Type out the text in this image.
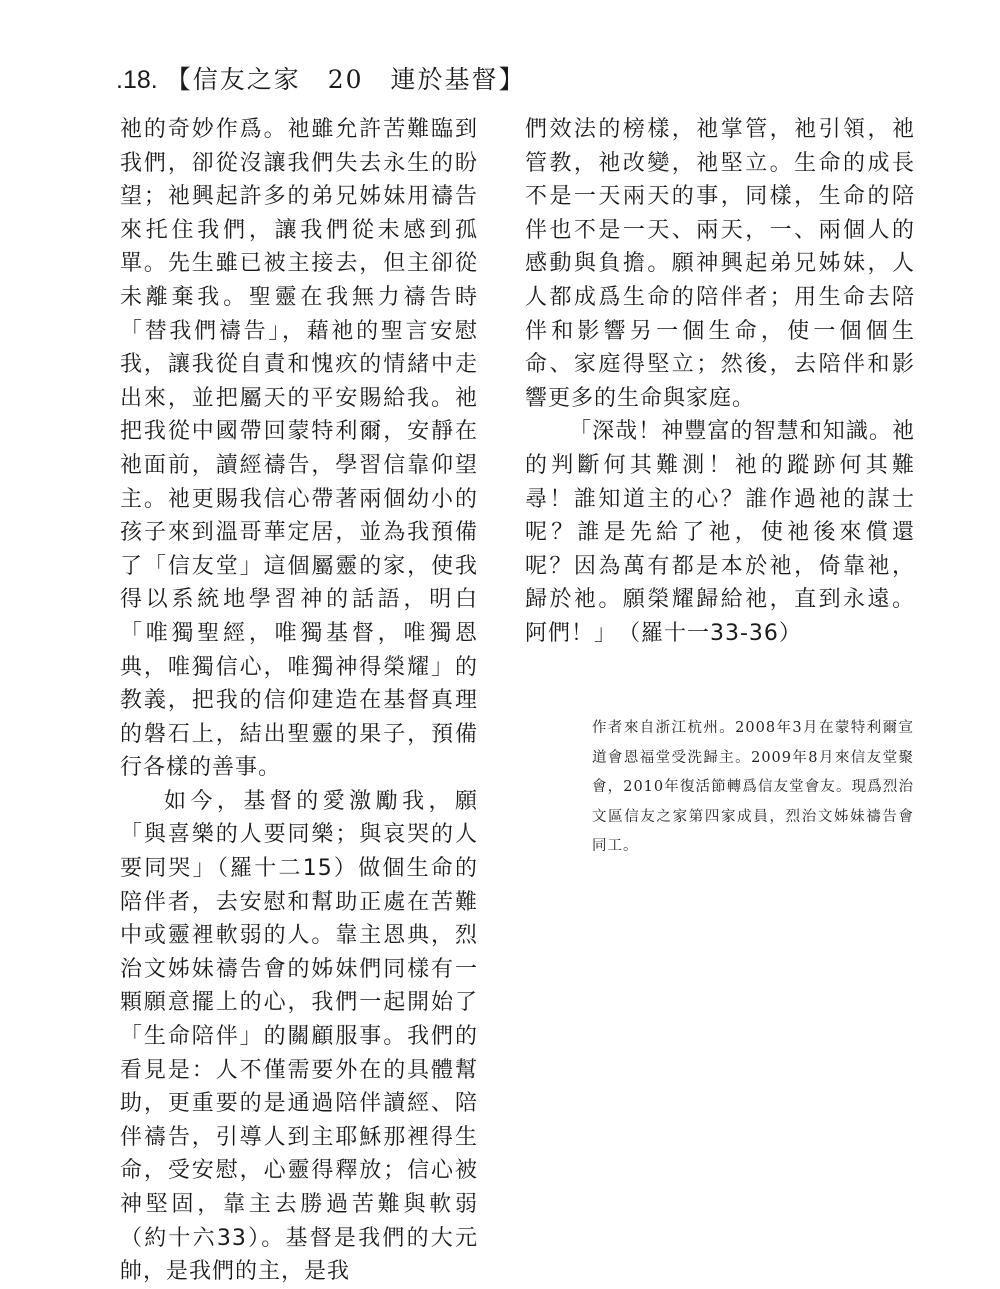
.18. 【信友之家　20　連於基督】

祂的奇妙作爲。祂雖允許苦難臨到我們，卻從沒讓我們失去永生的盼望；祂興起許多的弟兄姊妹用禱告來托住我們，讓我們從未感到孤單。先生雖已被主接去，但主卻從未離棄我。聖靈在我無力禱告時「替我們禱告」，藉祂的聖言安慰我，讓我從自責和愧疚的情緒中走出來，並把屬天的平安賜給我。祂把我從中國帶回蒙特利爾，安靜在祂面前，讀經禱告，學習信靠仰望主。祂更賜我信心帶著兩個幼小的孩子來到溫哥華定居，並為我預備了「信友堂」這個屬靈的家，使我得以系統地學習神的話語，明白「唯獨聖經，唯獨基督，唯獨恩典，唯獨信心，唯獨神得榮耀」的教義，把我的信仰建造在基督真理的磐石上，結出聖靈的果子，預備行各樣的善事。

如今，基督的愛激勵我，願「與喜樂的人要同樂；與哀哭的人要同哭」（羅十二15）做個生命的陪伴者，去安慰和幫助正處在苦難中或靈裡軟弱的人。靠主恩典，烈治文姊妹禱告會的姊妹們同樣有一顆願意擺上的心，我們一起開始了「生命陪伴」的關顧服事。我們的看見是：人不僅需要外在的具體幫助，更重要的是通過陪伴讀經、陪伴禱告，引導人到主耶穌那裡得生命，受安慰，心靈得釋放；信心被神堅固，靠主去勝過苦難與軟弱（約十六33）。基督是我們的大元帥，是我們的主，是我

們效法的榜樣，祂掌管，祂引領，祂管教，祂改變，祂堅立。生命的成長不是一天兩天的事，同樣，生命的陪伴也不是一天、兩天，一、兩個人的感動與負擔。願神興起弟兄姊妹，人人都成爲生命的陪伴者；用生命去陪伴和影響另一個生命，使一個個生命、家庭得堅立；然後，去陪伴和影響更多的生命與家庭。

「深哉！神豐富的智慧和知識。祂的判斷何其難測！祂的蹤跡何其難尋！誰知道主的心？誰作過祂的謀士呢？誰是先給了祂，使祂後來償還呢？因為萬有都是本於祂，倚靠祂，歸於祂。願榮耀歸給祂，直到永遠。阿們！」　（羅十一33-36）

作者來自浙江杭州。2008年3月在蒙特利爾宣道會恩福堂受洗歸主。2009年8月來信友堂聚會，2010年復活節轉爲信友堂會友。現爲烈治文區信友之家第四家成員，烈治文姊妹禱告會同工。
